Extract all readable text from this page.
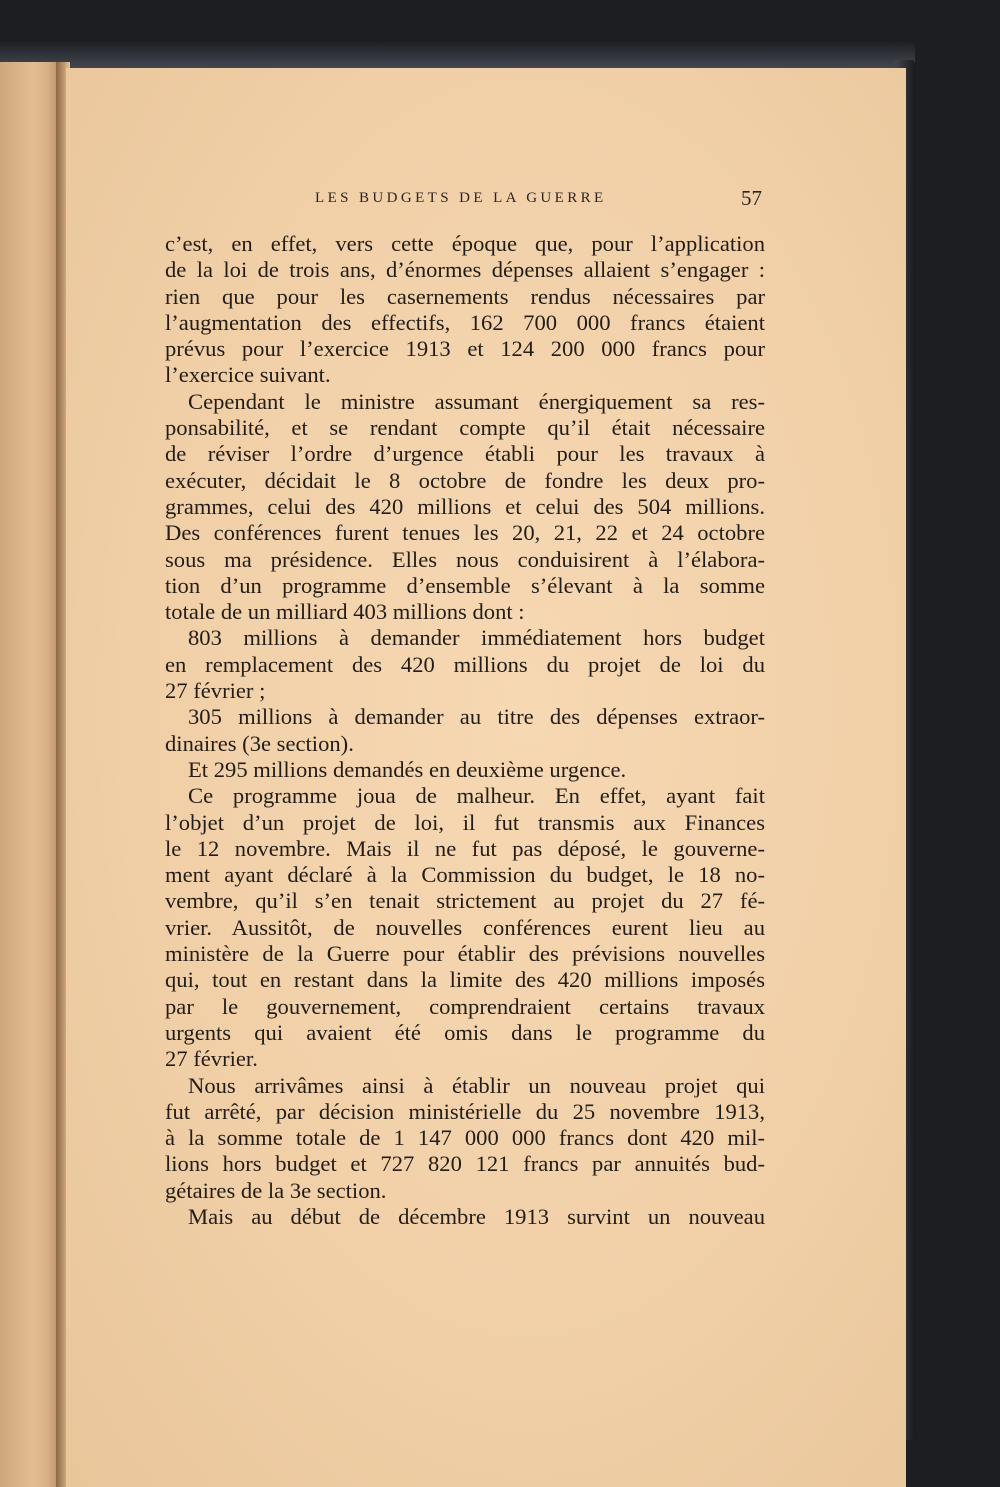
LES BUDGETS DE LA GUERRE	57
c’est, en effet, vers cette époque que, pour l’application
de la loi de trois ans, d’énormes dépenses allaient s’engager :
rien que pour les casernements rendus nécessaires par
l’augmentation des effectifs, 162 700 000 francs étaient
prévus pour l’exercice 1913 et 124 200 000 francs pour
l’exercice suivant.
Cependant le ministre assumant énergiquement sa res-
ponsabilité, et se rendant compte qu’il était nécessaire
de réviser l’ordre d’urgence établi pour les travaux à
exécuter, décidait le 8 octobre de fondre les deux pro-
grammes, celui des 420 millions et celui des 504 millions.
Des conférences furent tenues les 20, 21, 22 et 24 octobre
sous ma présidence. Elles nous conduisirent à l’élabora-
tion d’un programme d’ensemble s’élevant à la somme
totale de un milliard 403 millions dont :
803 millions à demander immédiatement hors budget
en remplacement des 420 millions du projet de loi du
27 février ;
305 millions à demander au titre des dépenses extraor-
dinaires (3e section).
Et 295 millions demandés en deuxième urgence.
Ce programme joua de malheur. En effet, ayant fait
l’objet d’un projet de loi, il fut transmis aux Finances
le 12 novembre. Mais il ne fut pas déposé, le gouverne-
ment ayant déclaré à la Commission du budget, le 18 no-
vembre, qu’il s’en tenait strictement au projet du 27 fé-
vrier. Aussitôt, de nouvelles conférences eurent lieu au
ministère de la Guerre pour établir des prévisions nouvelles
qui, tout en restant dans la limite des 420 millions imposés
par le gouvernement, comprendraient certains travaux
urgents qui avaient été omis dans le programme du
27 février.
Nous arrivâmes ainsi à établir un nouveau projet qui
fut arrêté, par décision ministérielle du 25 novembre 1913,
à la somme totale de 1 147 000 000 francs dont 420 mil-
lions hors budget et 727 820 121 francs par annuités bud-
gétaires de la 3e section.
Mais au début de décembre 1913 survint un nouveau
